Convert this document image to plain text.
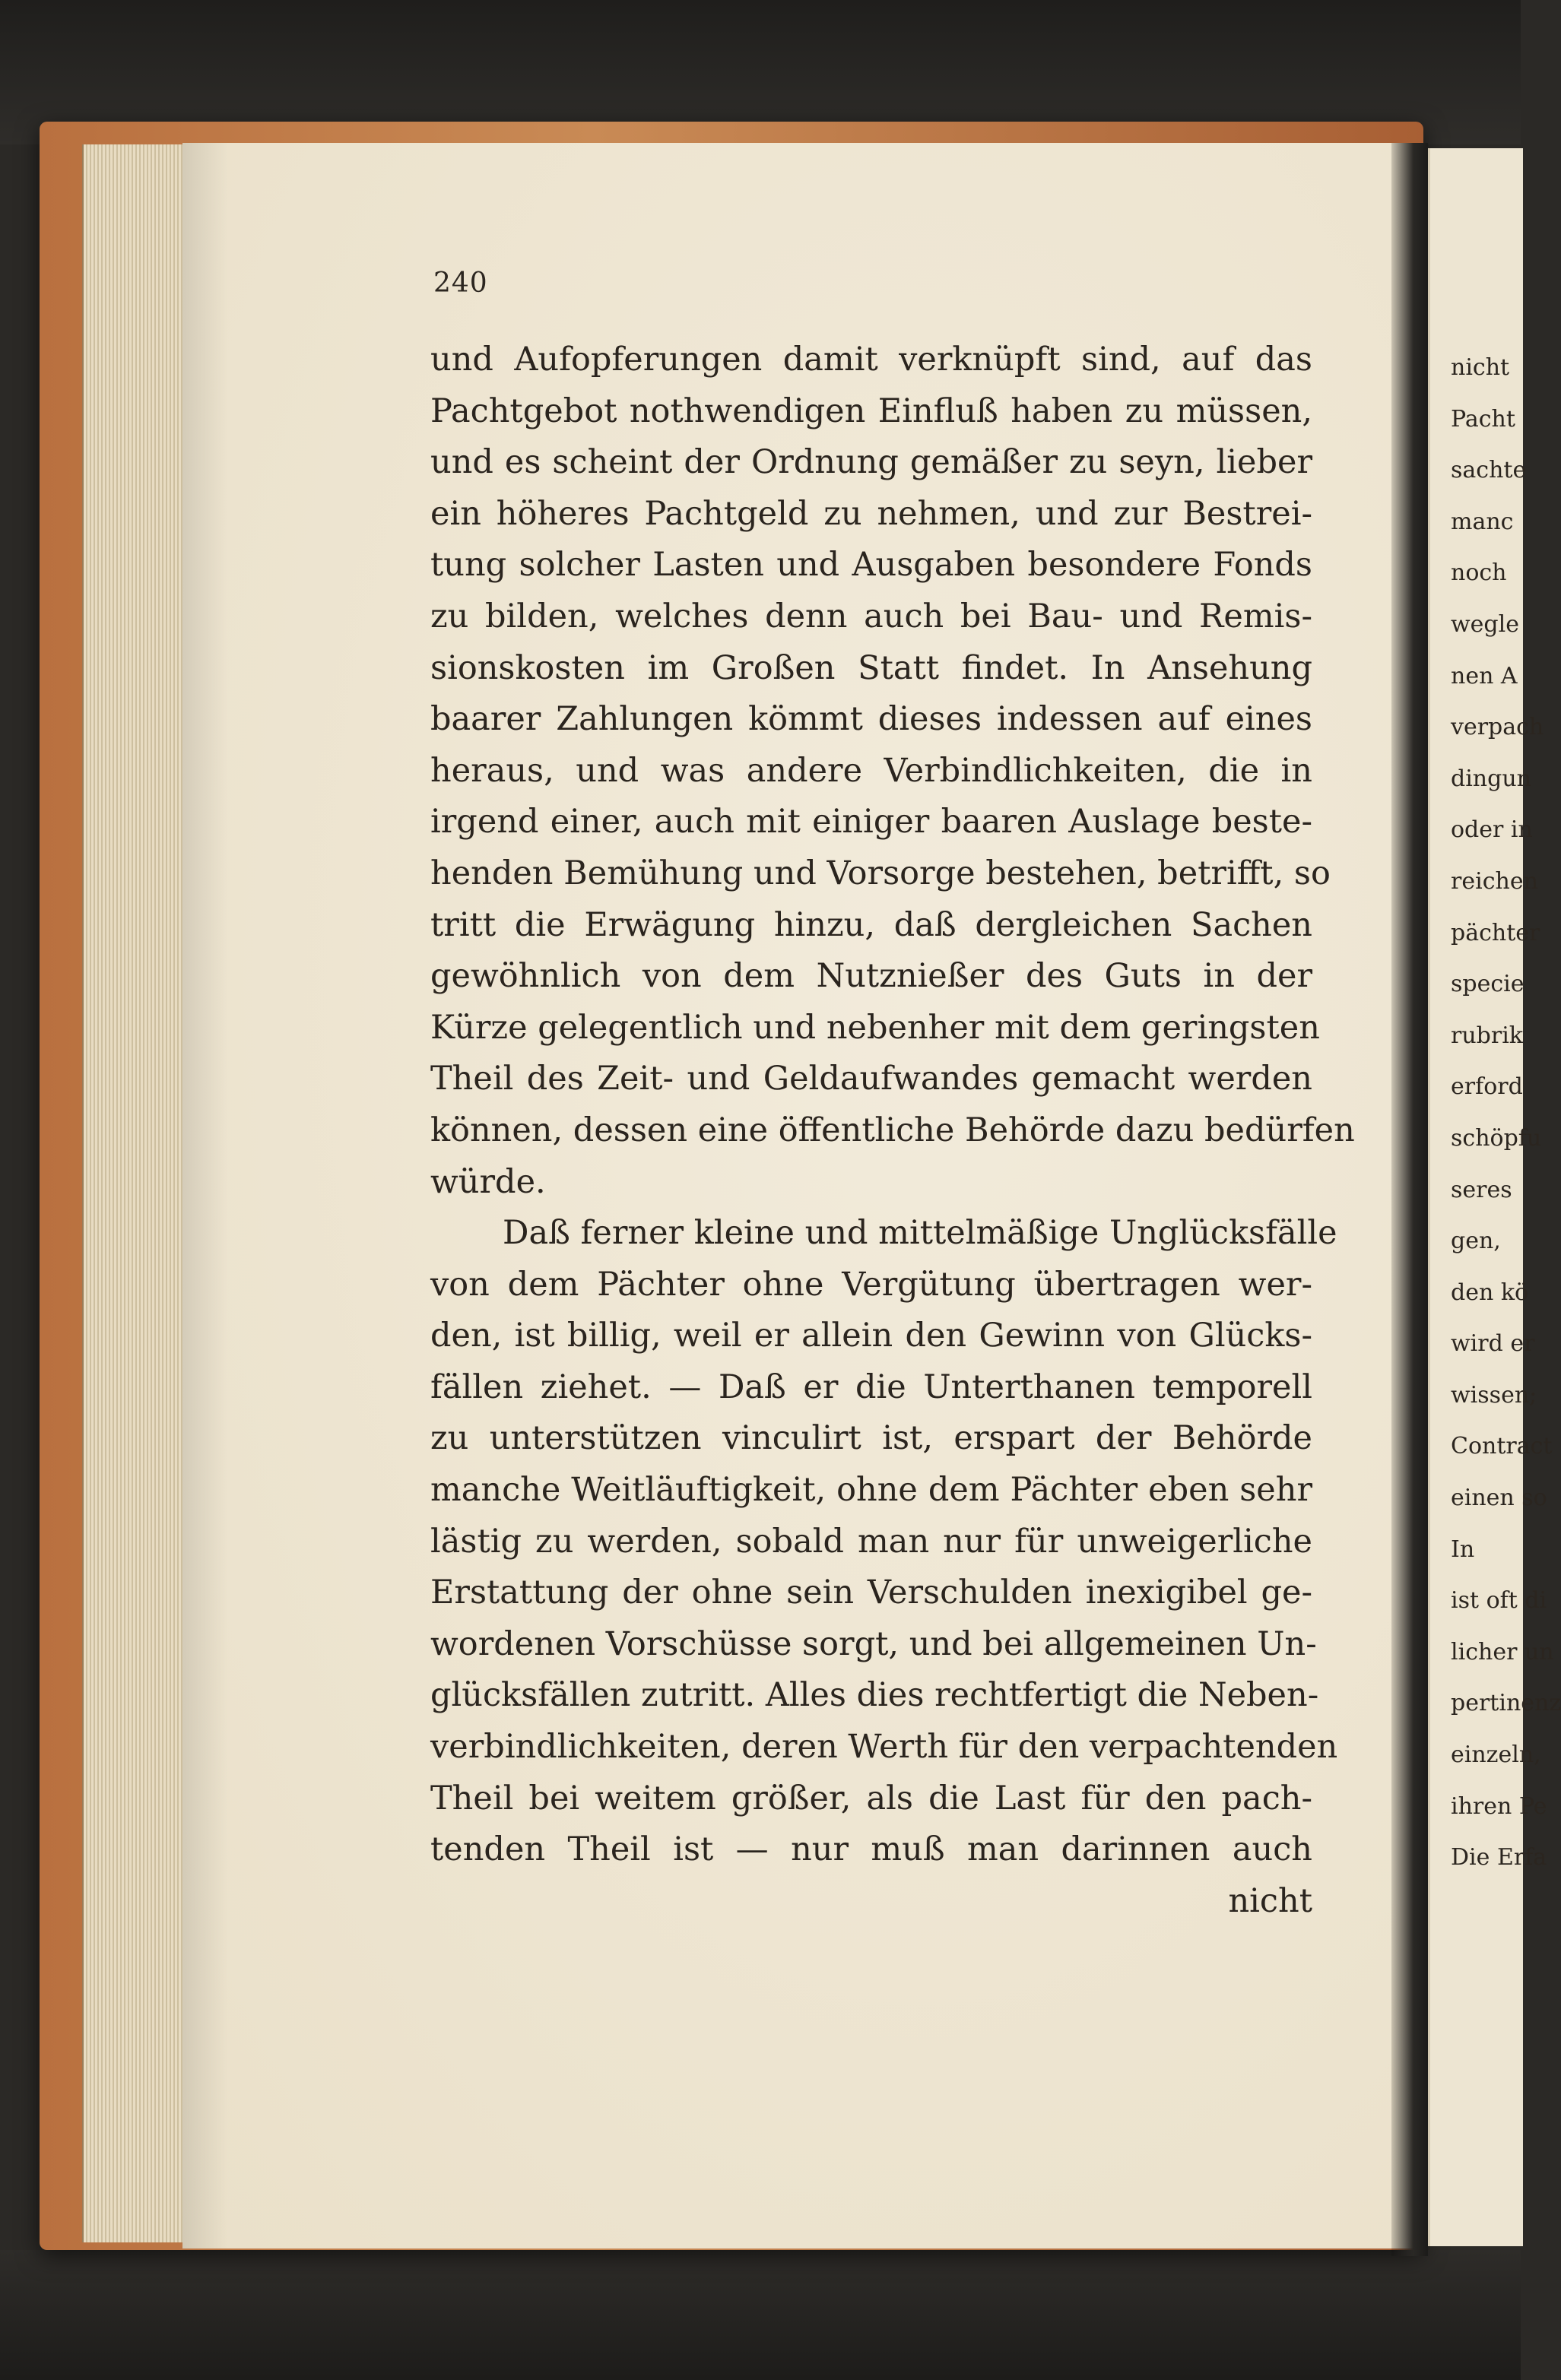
240
und Aufopferungen damit verknüpft sind, auf das
Pachtgebot nothwendigen Einfluß haben zu müssen,
und es scheint der Ordnung gemäßer zu seyn, lieber
ein höheres Pachtgeld zu nehmen, und zur Bestrei-
tung solcher Lasten und Ausgaben besondere Fonds
zu bilden, welches denn auch bei Bau- und Remis-
sionskosten im Großen Statt findet. In Ansehung
baarer Zahlungen kömmt dieses indessen auf eines
heraus, und was andere Verbindlichkeiten, die in
irgend einer, auch mit einiger baaren Auslage beste-
henden Bemühung und Vorsorge bestehen, betrifft, so
tritt die Erwägung hinzu, daß dergleichen Sachen
gewöhnlich von dem Nutznießer des Guts in der
Kürze gelegentlich und nebenher mit dem geringsten
Theil des Zeit- und Geldaufwandes gemacht werden
können, dessen eine öffentliche Behörde dazu bedürfen
würde.
Daß ferner kleine und mittelmäßige Unglücksfälle
von dem Pächter ohne Vergütung übertragen wer-
den, ist billig, weil er allein den Gewinn von Glücks-
fällen ziehet. — Daß er die Unterthanen temporell
zu unterstützen vinculirt ist, erspart der Behörde
manche Weitläuftigkeit, ohne dem Pächter eben sehr
lästig zu werden, sobald man nur für unweigerliche
Erstattung der ohne sein Verschulden inexigibel ge-
wordenen Vorschüsse sorgt, und bei allgemeinen Un-
glücksfällen zutritt. Alles dies rechtfertigt die Neben-
verbindlichkeiten, deren Werth für den verpachtenden
Theil bei weitem größer, als die Last für den pach-
tenden Theil ist — nur muß man darinnen auch
nicht
nicht
Pacht
sachte
manc
noch
wegle
nen A
verpach
dingun
oder in
reichen
pächter
specie
rubrik
erford
schöpfu
seres
gen,
den kö
wird er
wissen;
Contract
einen so
In
ist oft di
licher un
pertinenz
einzeln,
ihren Pe
Die Erfa
